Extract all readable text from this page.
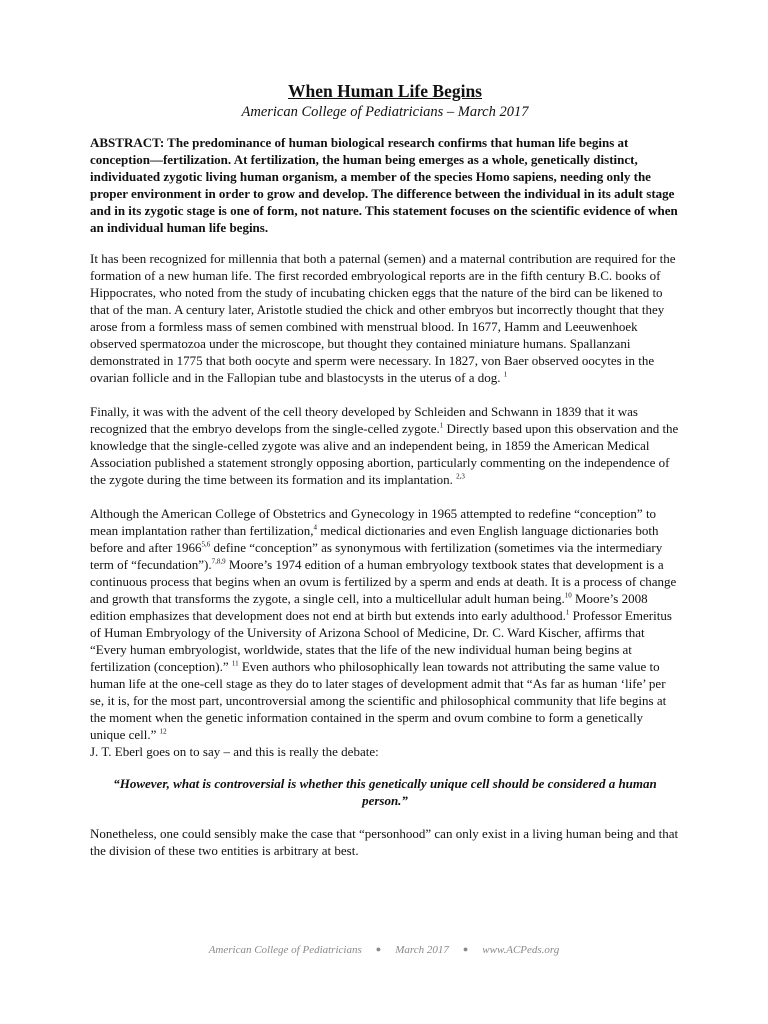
When Human Life Begins
American College of Pediatricians – March 2017

ABSTRACT: The predominance of human biological research confirms that human life begins at conception—fertilization. At fertilization, the human being emerges as a whole, genetically distinct, individuated zygotic living human organism, a member of the species Homo sapiens, needing only the proper environment in order to grow and develop. The difference between the individual in its adult stage and in its zygotic stage is one of form, not nature. This statement focuses on the scientific evidence of when an individual human life begins.

It has been recognized for millennia that both a paternal (semen) and a maternal contribution are required for the formation of a new human life. The first recorded embryological reports are in the fifth century B.C. books of Hippocrates, who noted from the study of incubating chicken eggs that the nature of the bird can be likened to that of the man. A century later, Aristotle studied the chick and other embryos but incorrectly thought that they arose from a formless mass of semen combined with menstrual blood. In 1677, Hamm and Leeuwenhoek observed spermatozoa under the microscope, but thought they contained miniature humans. Spallanzani demonstrated in 1775 that both oocyte and sperm were necessary. In 1827, von Baer observed oocytes in the ovarian follicle and in the Fallopian tube and blastocysts in the uterus of a dog. $^1$

Finally, it was with the advent of the cell theory developed by Schleiden and Schwann in 1839 that it was recognized that the embryo develops from the single-celled zygote.$^1$ Directly based upon this observation and the knowledge that the single-celled zygote was alive and an independent being, in 1859 the American Medical Association published a statement strongly opposing abortion, particularly commenting on the independence of the zygote during the time between its formation and its implantation. $^{2,3}$

Although the American College of Obstetrics and Gynecology in 1965 attempted to redefine “conception” to mean implantation rather than fertilization,$^4$ medical dictionaries and even English language dictionaries both before and after 1966$^{5,6}$ define “conception” as synonymous with fertilization (sometimes via the intermediary term of “fecundation”).$^{7,8,9}$ Moore’s 1974 edition of a human embryology textbook states that development is a continuous process that begins when an ovum is fertilized by a sperm and ends at death. It is a process of change and growth that transforms the zygote, a single cell, into a multicellular adult human being.$^{10}$ Moore’s 2008 edition emphasizes that development does not end at birth but extends into early adulthood.$^1$ Professor Emeritus of Human Embryology of the University of Arizona School of Medicine, Dr. C. Ward Kischer, affirms that “Every human embryologist, worldwide, states that the life of the new individual human being begins at fertilization (conception).” $^{11}$ Even authors who philosophically lean towards not attributing the same value to human life at the one-cell stage as they do to later stages of development admit that “As far as human ‘life’ per se, it is, for the most part, uncontroversial among the scientific and philosophical community that life begins at the moment when the genetic information contained in the sperm and ovum combine to form a genetically unique cell.” $^{12}$

J. T. Eberl goes on to say – and this is really the debate:

“However, what is controversial is whether this genetically unique cell should be considered a human person.”

Nonetheless, one could sensibly make the case that “personhood” can only exist in a living human being and that the division of these two entities is arbitrary at best.

American College of Pediatricians ● March 2017 ● www.ACPeds.org
